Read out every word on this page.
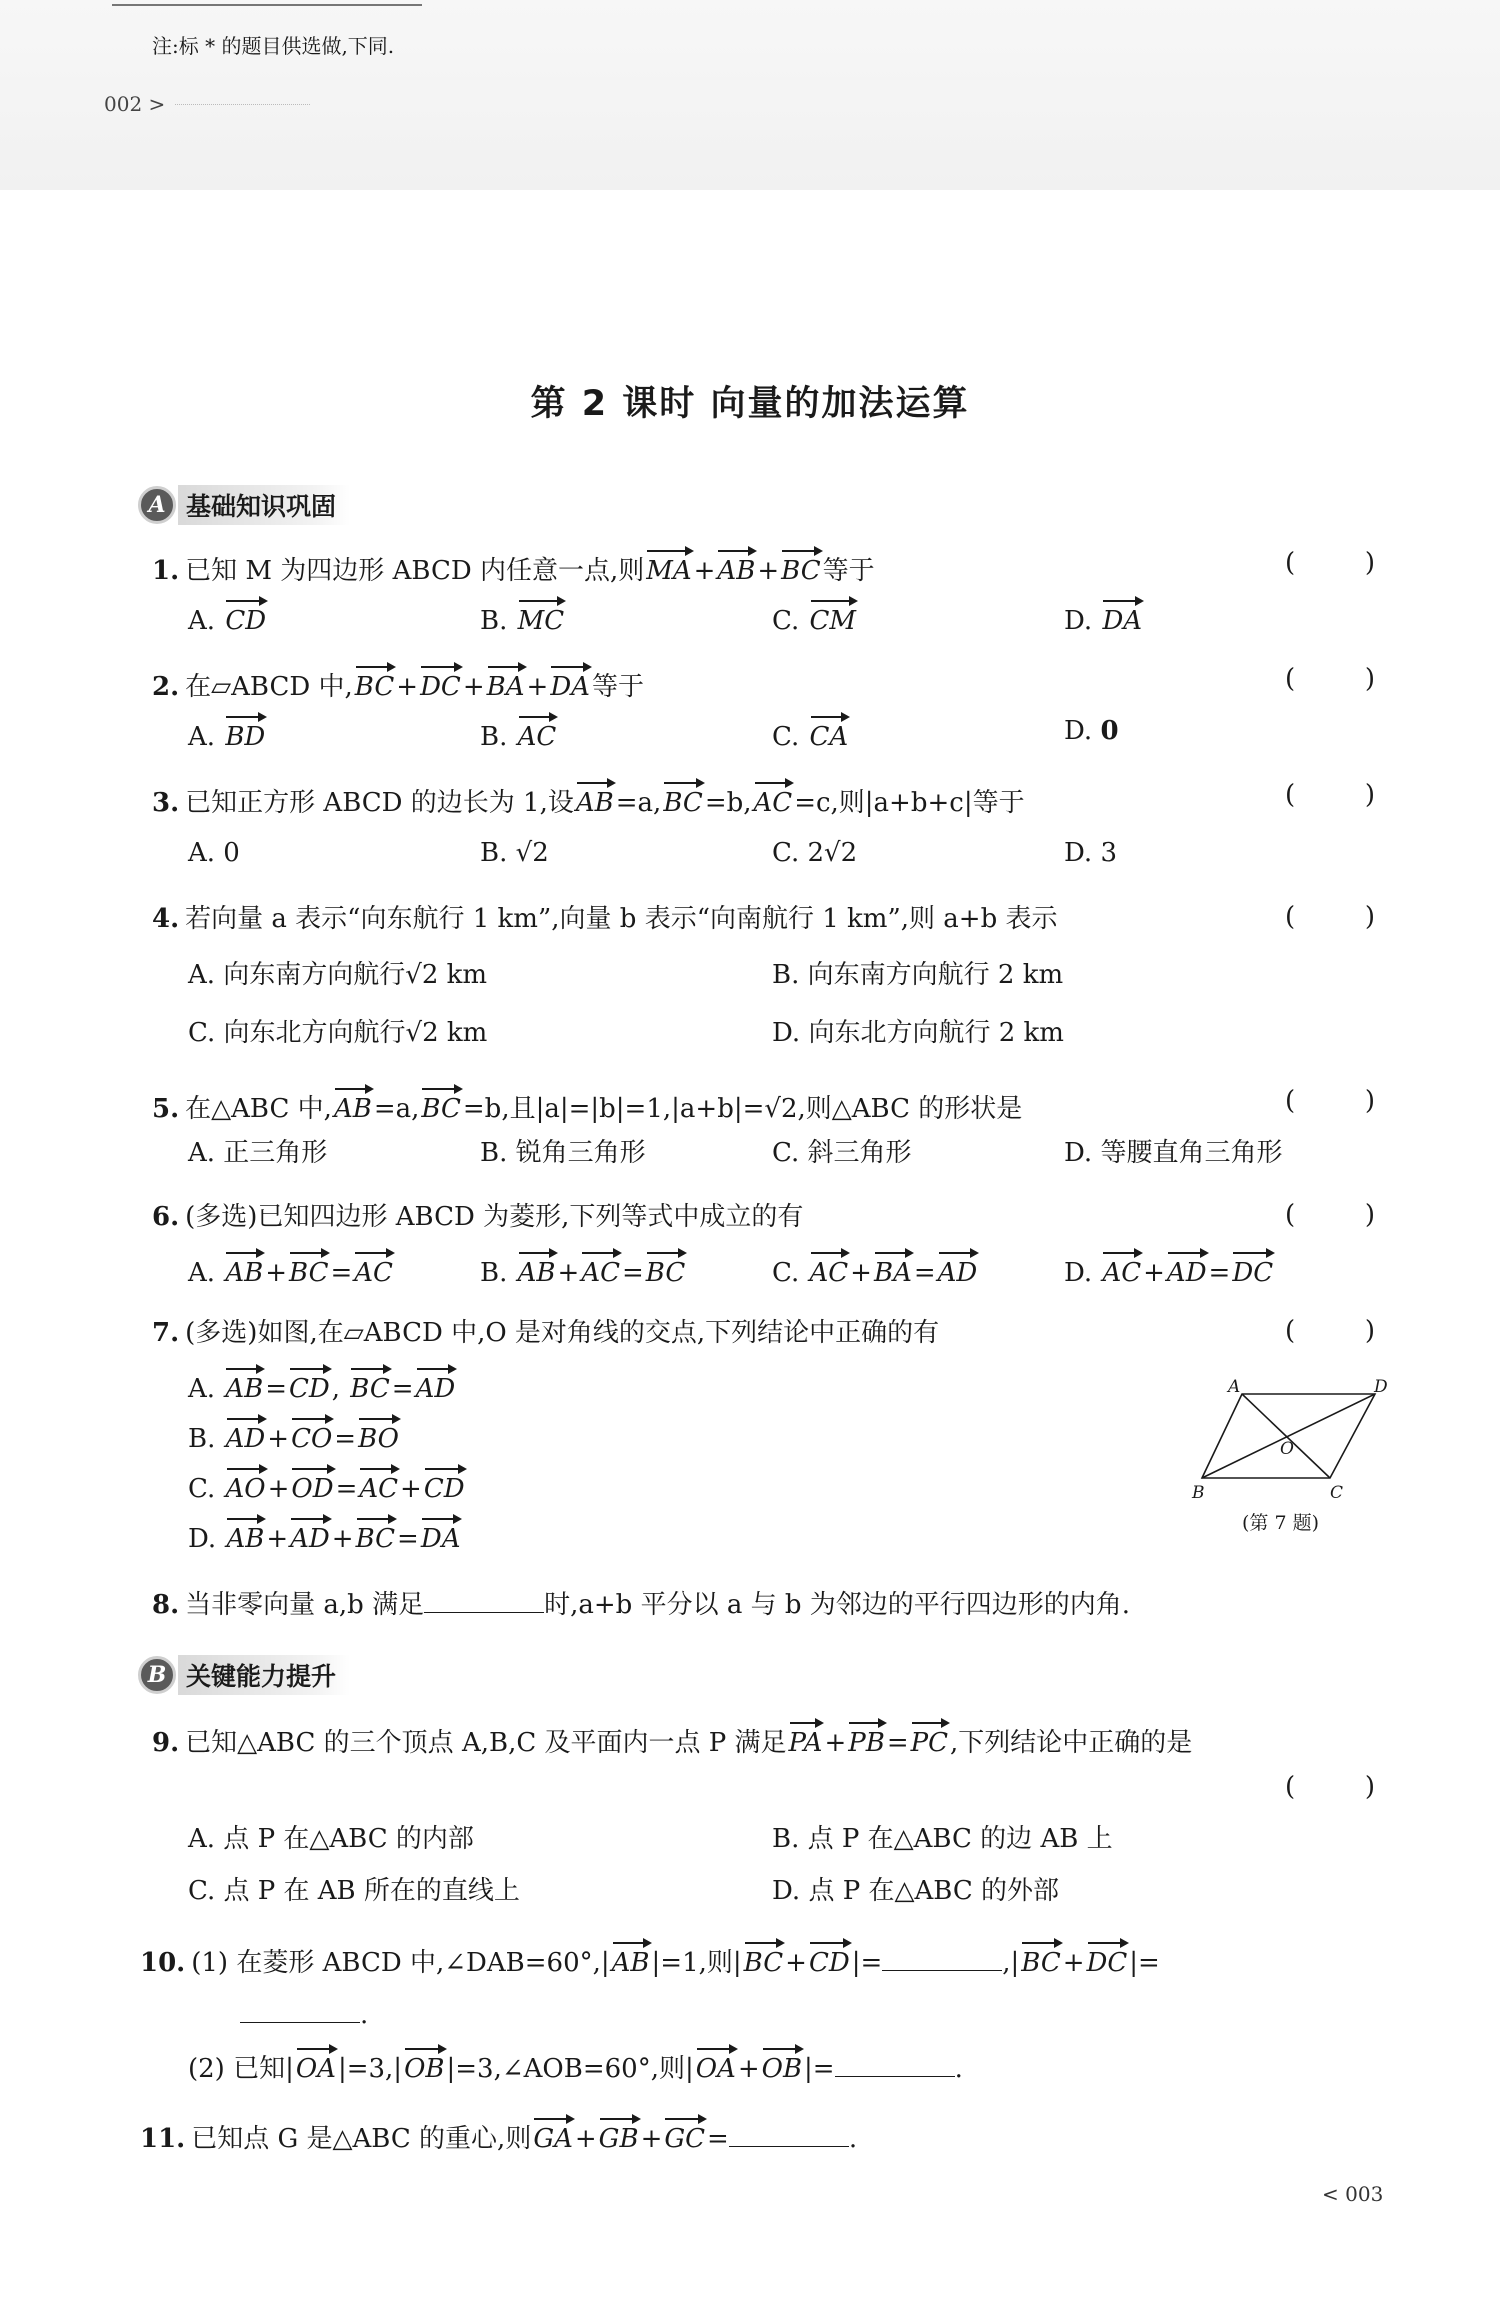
注:标 * 的题目供选做,下同.
002 >
第 2 课时 向量的加法运算
A 基础知识巩固
1. 已知 M 为四边形 ABCD 内任意一点,则MA+AB+BC等于	(	)
A. CD	B. MC	C. CM	D. DA
2. 在▱ABCD 中,BC+DC+BA+DA等于	(	)
A. BD	B. AC	C. CA	D. 0
3. 已知正方形 ABCD 的边长为 1,设AB=a,BC=b,AC=c,则|a+b+c|等于	(	)
A. 0	B. √2	C. 2√2	D. 3
4. 若向量 a 表示“向东航行 1 km”,向量 b 表示“向南航行 1 km”,则 a+b 表示	(	)
A. 向东南方向航行√2 km	B. 向东南方向航行 2 km
C. 向东北方向航行√2 km	D. 向东北方向航行 2 km
5. 在△ABC 中,AB=a,BC=b,且|a|=|b|=1,|a+b|=√2,则△ABC 的形状是	(	)
A. 正三角形	B. 锐角三角形	C. 斜三角形	D. 等腰直角三角形
6. (多选)已知四边形 ABCD 为菱形,下列等式中成立的有	(	)
A. AB+BC=AC	B. AB+AC=BC	C. AC+BA=AD	D. AC+AD=DC
7. (多选)如图,在▱ABCD 中,O 是对角线的交点,下列结论中正确的有	(	)
A. AB=CD, BC=AD
B. AD+CO=BO
C. AO+OD=AC+CD
D. AB+AD+BC=DA
A	D
B	C
O
(第 7 题)
8. 当非零向量 a,b 满足	时,a+b 平分以 a 与 b 为邻边的平行四边形的内角.
B 关键能力提升
9. 已知△ABC 的三个顶点 A,B,C 及平面内一点 P 满足PA+PB=PC,下列结论中正确的是
(	)
A. 点 P 在△ABC 的内部	B. 点 P 在△ABC 的边 AB 上
C. 点 P 在 AB 所在的直线上	D. 点 P 在△ABC 的外部
10. (1) 在菱形 ABCD 中,∠DAB=60°,|AB|=1,则|BC+CD|=	,|BC+DC|=
.
(2) 已知|OA|=3,|OB|=3,∠AOB=60°,则|OA+OB|=	.
11. 已知点 G 是△ABC 的重心,则GA+GB+GC=	.
< 003
